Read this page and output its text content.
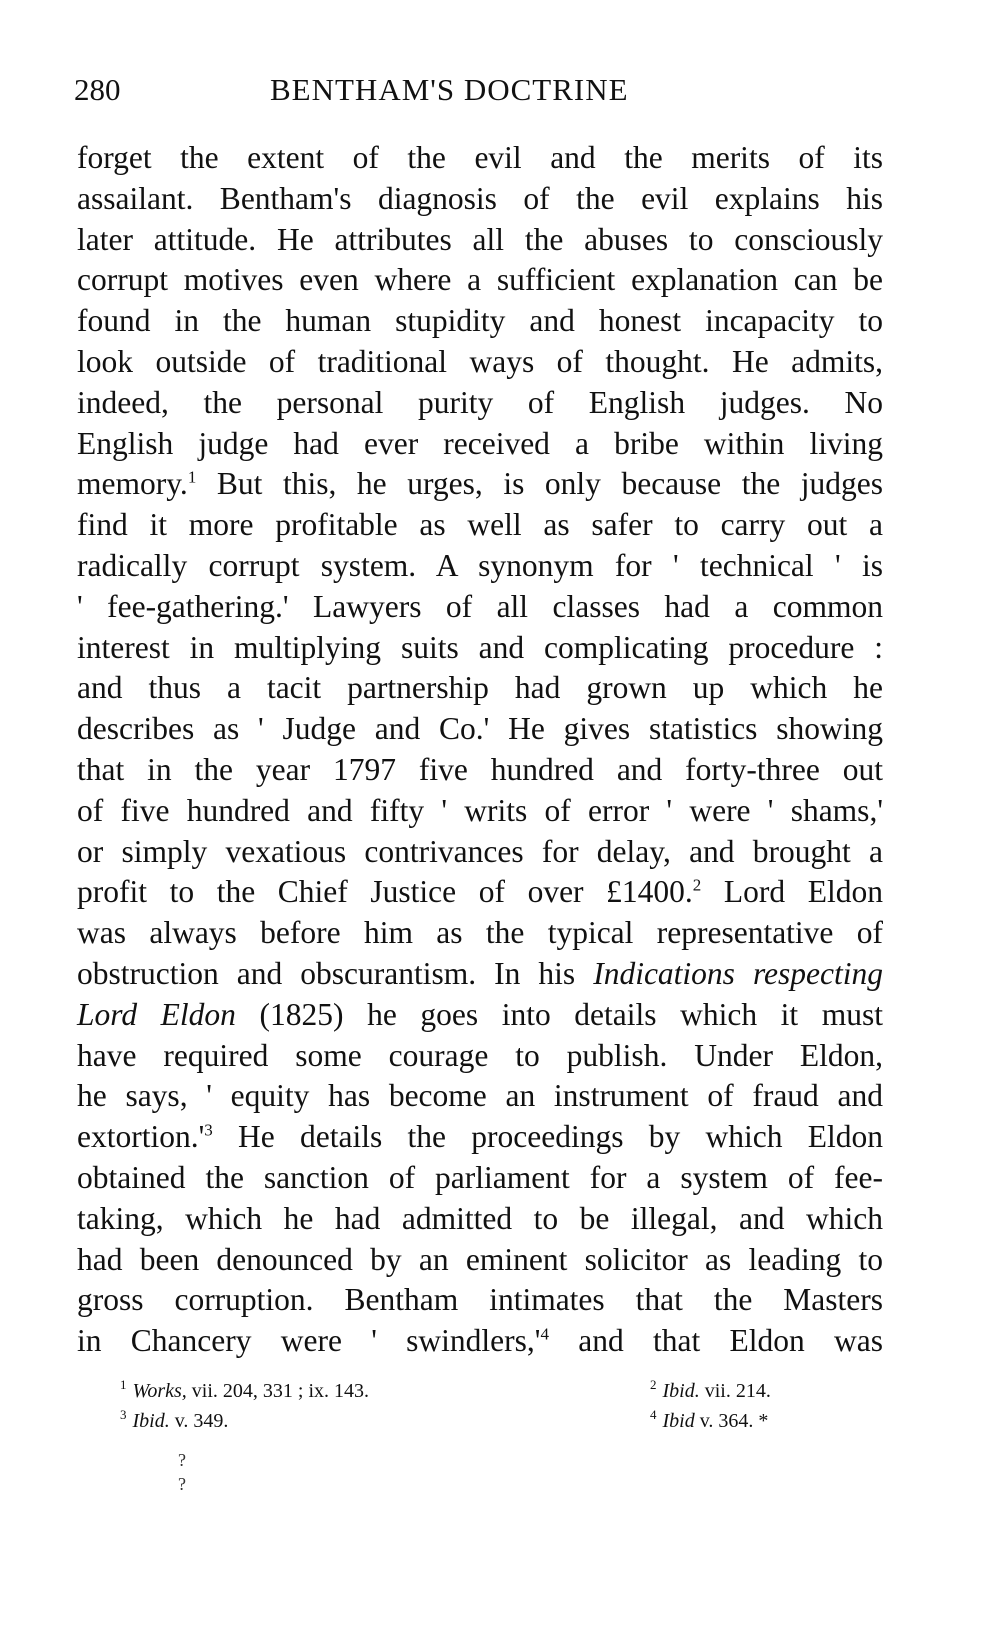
280	BENTHAM'S DOCTRINE
forget the extent of the evil and the merits of its
assailant. Bentham's diagnosis of the evil explains his
later attitude. He attributes all the abuses to consciously
corrupt motives even where a sufficient explanation can be
found in the human stupidity and honest incapacity to
look outside of traditional ways of thought. He admits,
indeed, the personal purity of English judges. No
English judge had ever received a bribe within living
memory.$^1$ But this, he urges, is only because the judges
find it more profitable as well as safer to carry out a
radically corrupt system. A synonym for ' technical ' is
' fee-gathering.' Lawyers of all classes had a common
interest in multiplying suits and complicating procedure :
and thus a tacit partnership had grown up which he
describes as ' Judge and Co.' He gives statistics showing
that in the year 1797 five hundred and forty-three out
of five hundred and fifty ' writs of error ' were ' shams,'
or simply vexatious contrivances for delay, and brought a
profit to the Chief Justice of over £1400.$^2$ Lord Eldon
was always before him as the typical representative of
obstruction and obscurantism. In his Indications respecting
Lord Eldon (1825) he goes into details which it must
have required some courage to publish. Under Eldon,
he says, ' equity has become an instrument of fraud and
extortion.'$^3$ He details the proceedings by which Eldon
obtained the sanction of parliament for a system of fee-
taking, which he had admitted to be illegal, and which
had been denounced by an eminent solicitor as leading to
gross corruption. Bentham intimates that the Masters
in Chancery were ' swindlers,'$^4$ and that Eldon was
$^1$ Works, vii. 204, 331 ; ix. 143.	$^2$ Ibid. vii. 214.
$^3$ Ibid. v. 349.	$^4$ Ibid v. 364. *
?
?
